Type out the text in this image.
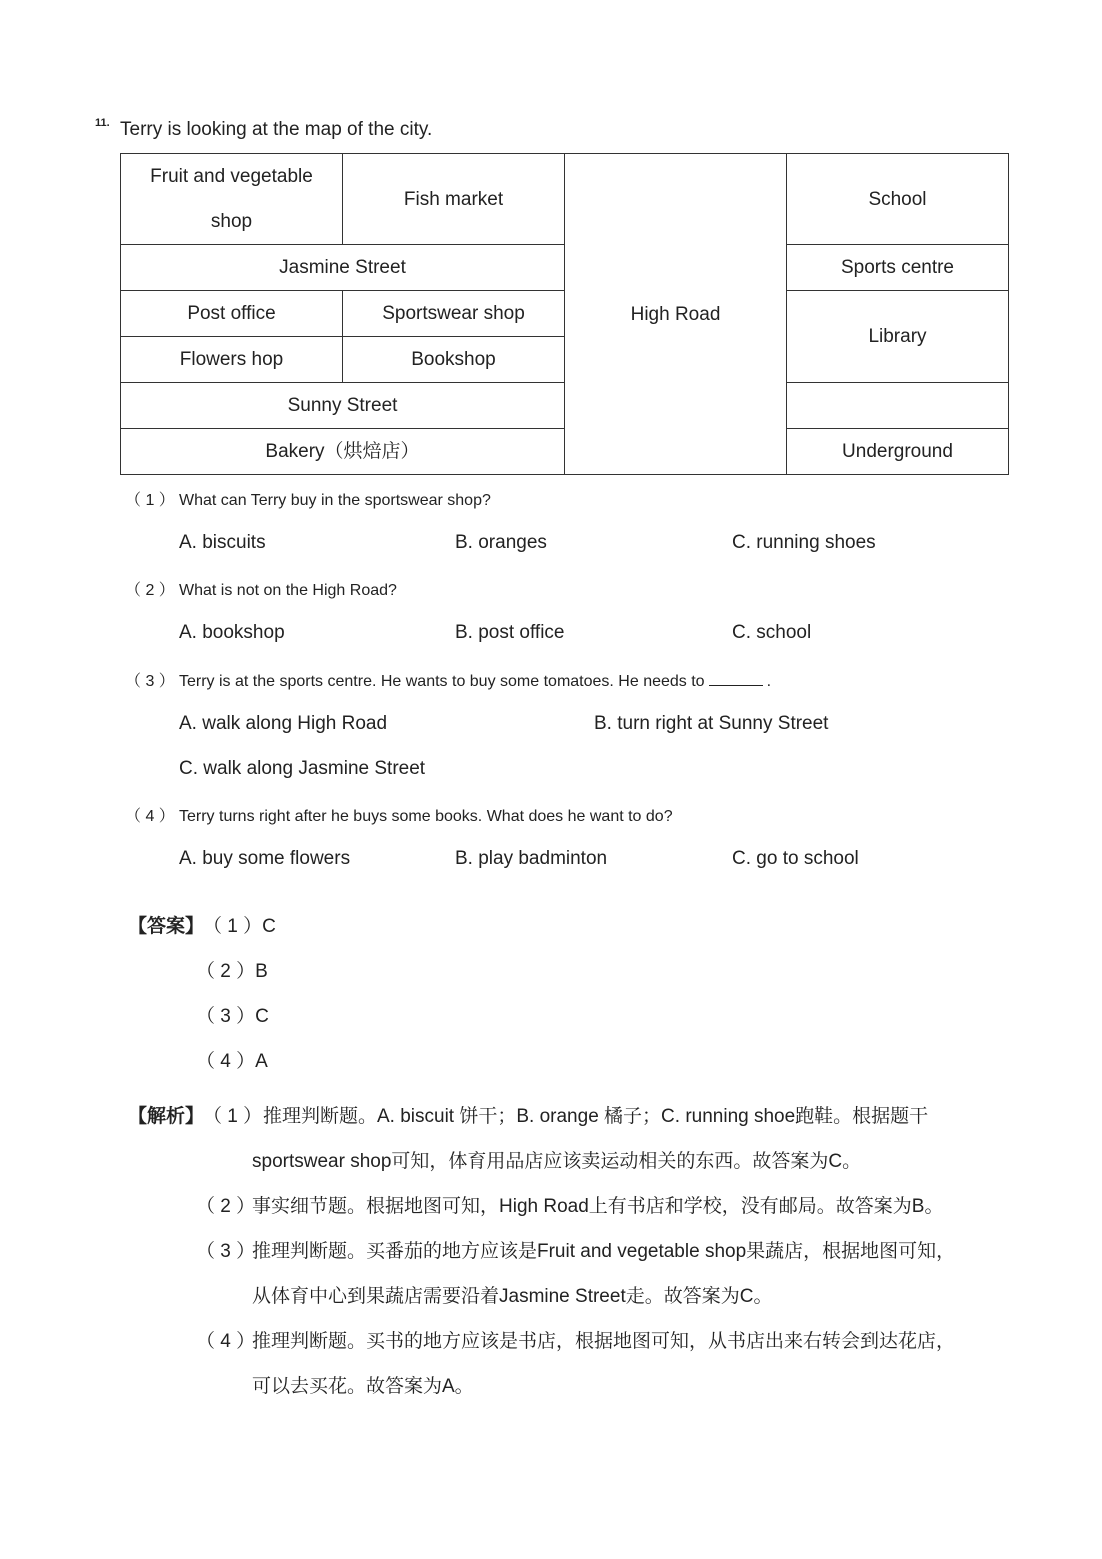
11. Terry is looking at the map of the city.
Fruit and vegetable
shop	Fish market	High Road	School
Jasmine Street			Sports centre
Post office	Sportswear shop		Library
Flowers hop	Bookshop		
Sunny Street			
Bakery（烘焙店）			Underground
（ 1 ） What can Terry buy in the sportswear shop?
A. biscuits	B. oranges	C. running shoes
（ 2 ） What is not on the High Road?
A. bookshop	B. post office	C. school
（ 3 ） Terry is at the sports centre. He wants to buy some tomatoes. He needs to	.
A. walk along High Road	B. turn right at Sunny Street
C. walk along Jasmine Street
（ 4 ） Terry turns right after he buys some books. What does he want to do?
A. buy some flowers	B. play badminton	C. go to school
【答案】
（ 1 ）C
（ 2 ）B
（ 3 ）C
（ 4 ）A
【解析】
（ 1 ） 推理判断题。A. biscuit 饼干；B. orange 橘子；C. running shoe跑鞋。根据题干
sportswear shop可知，体育用品店应该卖运动相关的东西。故答案为C。
（ 2 ）
事实细节题。根据地图可知，High Road上有书店和学校，没有邮局。故答案为B。
（ 3 ）
推理判断题。买番茄的地方应该是Fruit and vegetable shop果蔬店，根据地图可知，
从体育中心到果蔬店需要沿着Jasmine Street走。故答案为C。
（ 4 ）
推理判断题。买书的地方应该是书店，根据地图可知，从书店出来右转会到达花店，
可以去买花。故答案为A。
